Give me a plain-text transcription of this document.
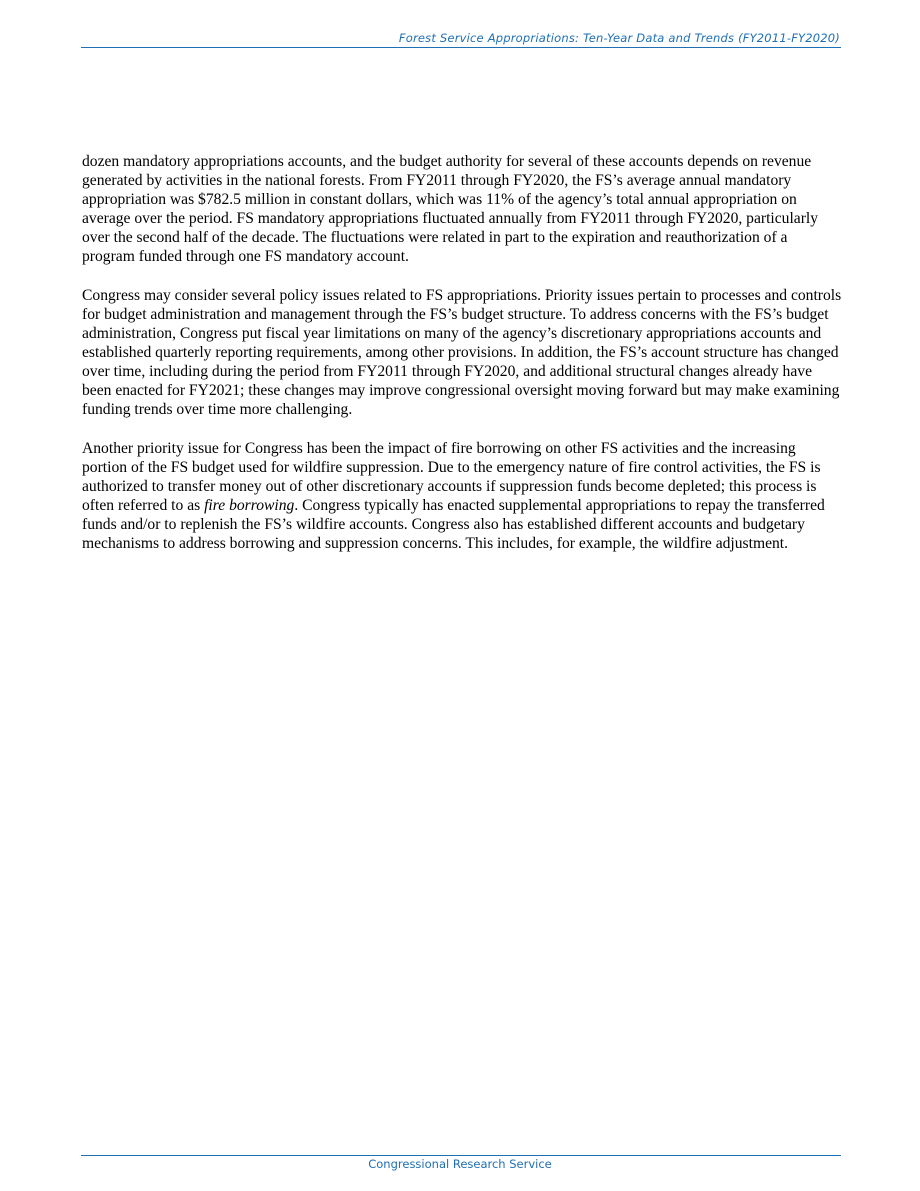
Forest Service Appropriations: Ten-Year Data and Trends (FY2011-FY2020)

dozen mandatory appropriations accounts, and the budget authority for several of these accounts depends on revenue generated by activities in the national forests. From FY2011 through FY2020, the FS’s average annual mandatory appropriation was $782.5 million in constant dollars, which was 11% of the agency’s total annual appropriation on average over the period. FS mandatory appropriations fluctuated annually from FY2011 through FY2020, particularly over the second half of the decade. The fluctuations were related in part to the expiration and reauthorization of a program funded through one FS mandatory account.

Congress may consider several policy issues related to FS appropriations. Priority issues pertain to processes and controls for budget administration and management through the FS’s budget structure. To address concerns with the FS’s budget administration, Congress put fiscal year limitations on many of the agency’s discretionary appropriations accounts and established quarterly reporting requirements, among other provisions. In addition, the FS’s account structure has changed over time, including during the period from FY2011 through FY2020, and additional structural changes already have been enacted for FY2021; these changes may improve congressional oversight moving forward but may make examining funding trends over time more challenging.

Another priority issue for Congress has been the impact of fire borrowing on other FS activities and the increasing portion of the FS budget used for wildfire suppression. Due to the emergency nature of fire control activities, the FS is authorized to transfer money out of other discretionary accounts if suppression funds become depleted; this process is often referred to as fire borrowing. Congress typically has enacted supplemental appropriations to repay the transferred funds and/or to replenish the FS’s wildfire accounts. Congress also has established different accounts and budgetary mechanisms to address borrowing and suppression concerns. This includes, for example, the wildfire adjustment.

Congressional Research Service
